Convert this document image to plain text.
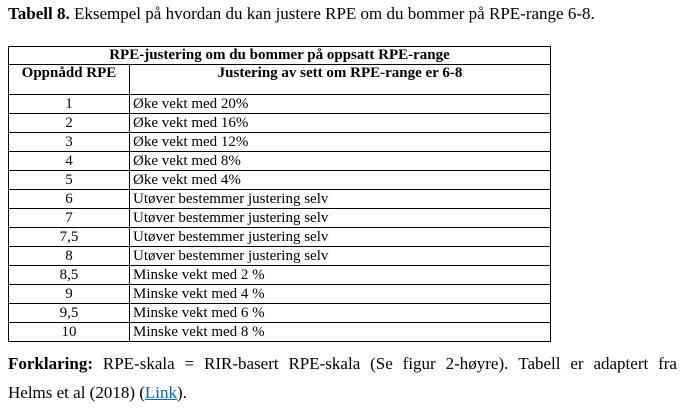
Tabell 8. Eksempel på hvordan du kan justere RPE om du bommer på RPE-range 6-8.
RPE-justering om du bommer på oppsatt RPE-range	
Oppnådd RPE	Justering av sett om RPE-range er 6-8
1	Øke vekt med 20%
2	Øke vekt med 16%
3	Øke vekt med 12%
4	Øke vekt med 8%
5	Øke vekt med 4%
6	Utøver bestemmer justering selv
7	Utøver bestemmer justering selv
7,5	Utøver bestemmer justering selv
8	Utøver bestemmer justering selv
8,5	Minske vekt med 2 %
9	Minske vekt med 4 %
9,5	Minske vekt med 6 %
10	Minske vekt med 8 %
Forklaring: RPE-skala = RIR-basert RPE-skala (Se figur 2-høyre). Tabell er adaptert fra
Helms et al (2018) (Link).
